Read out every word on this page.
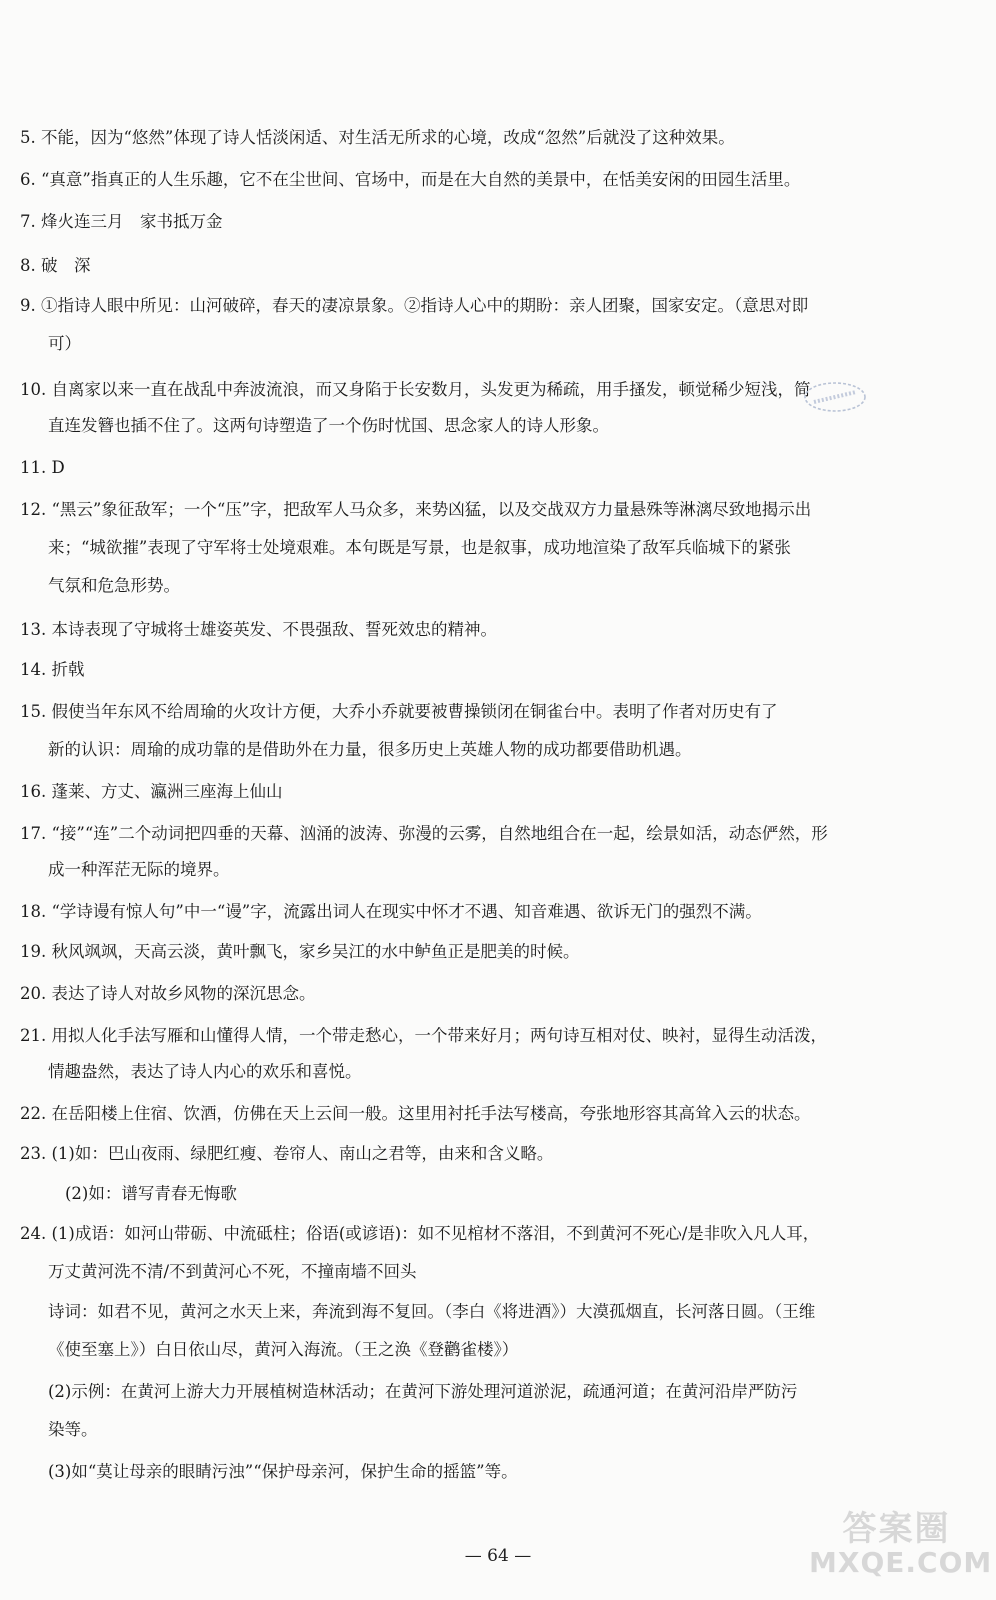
5. 不能，因为“悠然”体现了诗人恬淡闲适、对生活无所求的心境，改成“忽然”后就没了这种效果。
6. “真意”指真正的人生乐趣，它不在尘世间、官场中，而是在大自然的美景中，在恬美安闲的田园生活里。
7. 烽火连三月　家书抵万金
8. 破　深
9. ①指诗人眼中所见：山河破碎，春天的凄凉景象。②指诗人心中的期盼：亲人团聚，国家安定。（意思对即
可）
10. 自离家以来一直在战乱中奔波流浪，而又身陷于长安数月，头发更为稀疏，用手搔发，顿觉稀少短浅，简
直连发簪也插不住了。这两句诗塑造了一个伤时忧国、思念家人的诗人形象。
11. D
12. “黑云”象征敌军；一个“压”字，把敌军人马众多，来势凶猛，以及交战双方力量悬殊等淋漓尽致地揭示出
来；“城欲摧”表现了守军将士处境艰难。本句既是写景，也是叙事，成功地渲染了敌军兵临城下的紧张
气氛和危急形势。
13. 本诗表现了守城将士雄姿英发、不畏强敌、誓死效忠的精神。
14. 折戟
15. 假使当年东风不给周瑜的火攻计方便，大乔小乔就要被曹操锁闭在铜雀台中。表明了作者对历史有了
新的认识：周瑜的成功靠的是借助外在力量，很多历史上英雄人物的成功都要借助机遇。
16. 蓬莱、方丈、瀛洲三座海上仙山
17. “接”“连”二个动词把四垂的天幕、汹涌的波涛、弥漫的云雾，自然地组合在一起，绘景如活，动态俨然，形
成一种浑茫无际的境界。
18. “学诗谩有惊人句”中一“谩”字，流露出词人在现实中怀才不遇、知音难遇、欲诉无门的强烈不满。
19. 秋风飒飒，天高云淡，黄叶飘飞，家乡吴江的水中鲈鱼正是肥美的时候。
20. 表达了诗人对故乡风物的深沉思念。
21. 用拟人化手法写雁和山懂得人情，一个带走愁心，一个带来好月；两句诗互相对仗、映衬，显得生动活泼，
情趣盎然，表达了诗人内心的欢乐和喜悦。
22. 在岳阳楼上住宿、饮酒，仿佛在天上云间一般。这里用衬托手法写楼高，夸张地形容其高耸入云的状态。
23. (1)如：巴山夜雨、绿肥红瘦、卷帘人、南山之君等，由来和含义略。
(2)如：谱写青春无悔歌
24. (1)成语：如河山带砺、中流砥柱；俗语(或谚语)：如不见棺材不落泪，不到黄河不死心/是非吹入凡人耳，
万丈黄河洗不清/不到黄河心不死，不撞南墙不回头
诗词：如君不见，黄河之水天上来，奔流到海不复回。（李白《将进酒》）大漠孤烟直，长河落日圆。（王维
《使至塞上》）白日依山尽，黄河入海流。（王之涣《登鹳雀楼》）
(2)示例：在黄河上游大力开展植树造林活动；在黄河下游处理河道淤泥，疏通河道；在黄河沿岸严防污
染等。
(3)如“莫让母亲的眼睛污浊”“保护母亲河，保护生命的摇篮”等。
— 64 —
答案圈
MXQE.COM
